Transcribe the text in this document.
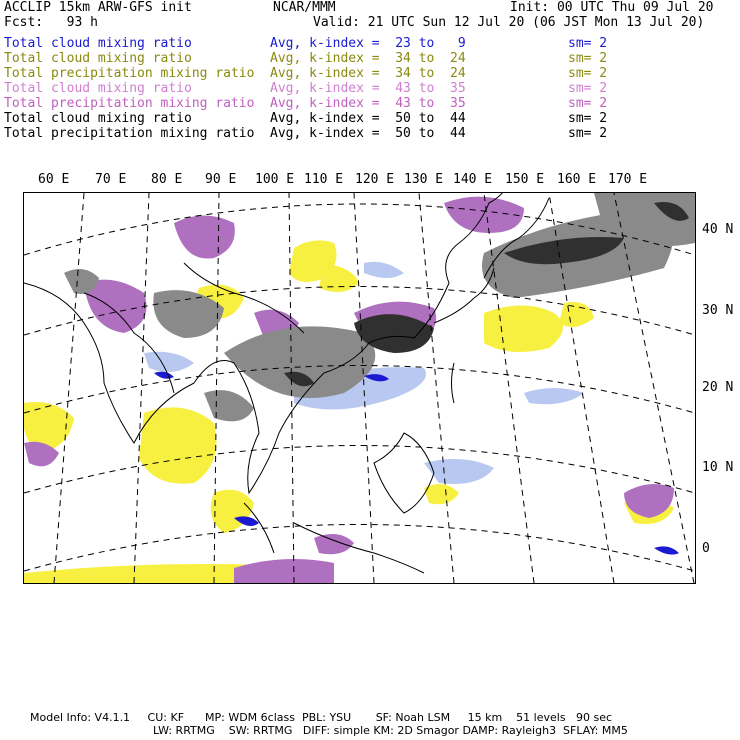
ACCLIP 15km ARW-GFS init	NCAR/MMM	Init: 00 UTC Thu 09 Jul 20
Fcst:   93 h	Valid: 21 UTC Sun 12 Jul 20 (06 JST Mon 13 Jul 20)
Total cloud mixing ratio	Avg, k-index =  23 to   9	sm= 2
Total cloud mixing ratio	Avg, k-index =  34 to  24	sm= 2
Total precipitation mixing ratio Avg, k-index =  34 to  24	sm= 2
Total cloud mixing ratio	Avg, k-index =  43 to  35	sm= 2
Total precipitation mixing ratio Avg, k-index =  43 to  35	sm= 2
Total cloud mixing ratio	Avg, k-index =  50 to  44	sm= 2
Total precipitation mixing ratio Avg, k-index =  50 to  44	sm= 2
60 E 70 E 80 E 90 E 100 E 110 E 120 E 130 E 140 E 150 E 160 E 170 E
40 N
30 N
20 N
10 N
0
Model Info: V4.1.1     CU: KF      MP: WDM 6class  PBL: YSU       SF: Noah LSM     15 km    51 levels   90 sec
LW: RRTMG    SW: RRTMG   DIFF: simple KM: 2D Smagor DAMP: Rayleigh3  SFLAY: MM5
